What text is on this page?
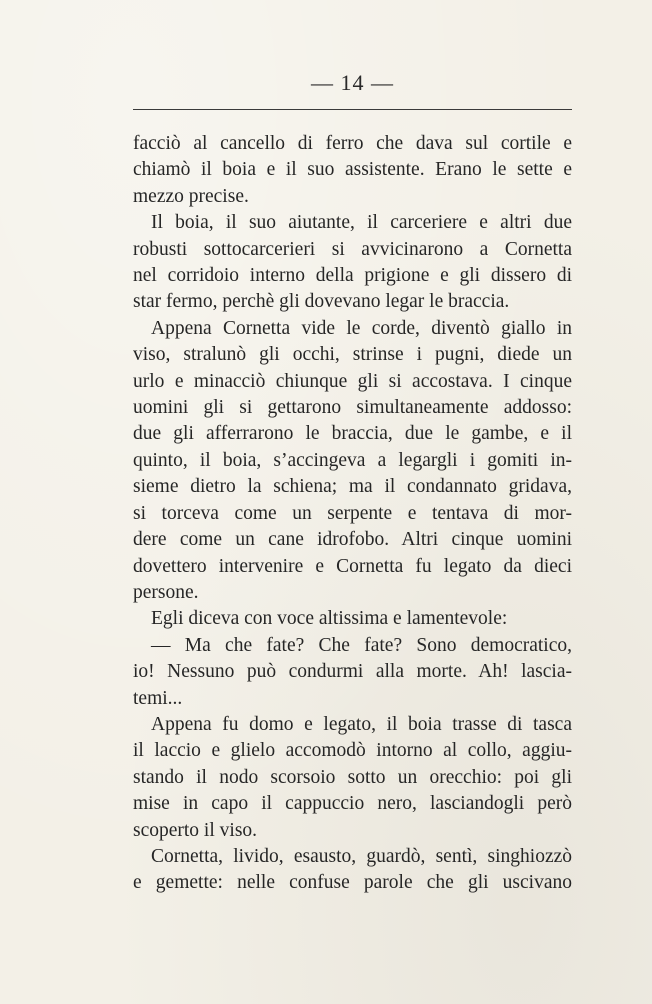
— 14 —
facciò al cancello di ferro che dava sul cortile e
chiamò il boia e il suo assistente. Erano le sette e
mezzo precise.
Il boia, il suo aiutante, il carceriere e altri due
robusti sottocarcerieri si avvicinarono a Cornetta
nel corridoio interno della prigione e gli dissero di
star fermo, perchè gli dovevano legar le braccia.
Appena Cornetta vide le corde, diventò giallo in
viso, stralunò gli occhi, strinse i pugni, diede un
urlo e minacciò chiunque gli si accostava. I cinque
uomini gli si gettarono simultaneamente addosso:
due gli afferrarono le braccia, due le gambe, e il
quinto, il boia, s’accingeva a legargli i gomiti in-
sieme dietro la schiena; ma il condannato gridava,
si torceva come un serpente e tentava di mor-
dere come un cane idrofobo. Altri cinque uomini
dovettero intervenire e Cornetta fu legato da dieci
persone.
Egli diceva con voce altissima e lamentevole:
— Ma che fate? Che fate? Sono democratico,
io! Nessuno può condurmi alla morte. Ah! lascia-
temi...
Appena fu domo e legato, il boia trasse di tasca
il laccio e glielo accomodò intorno al collo, aggiu-
stando il nodo scorsoio sotto un orecchio: poi gli
mise in capo il cappuccio nero, lasciandogli però
scoperto il viso.
Cornetta, livido, esausto, guardò, sentì, singhiozzò
e gemette: nelle confuse parole che gli uscivano
